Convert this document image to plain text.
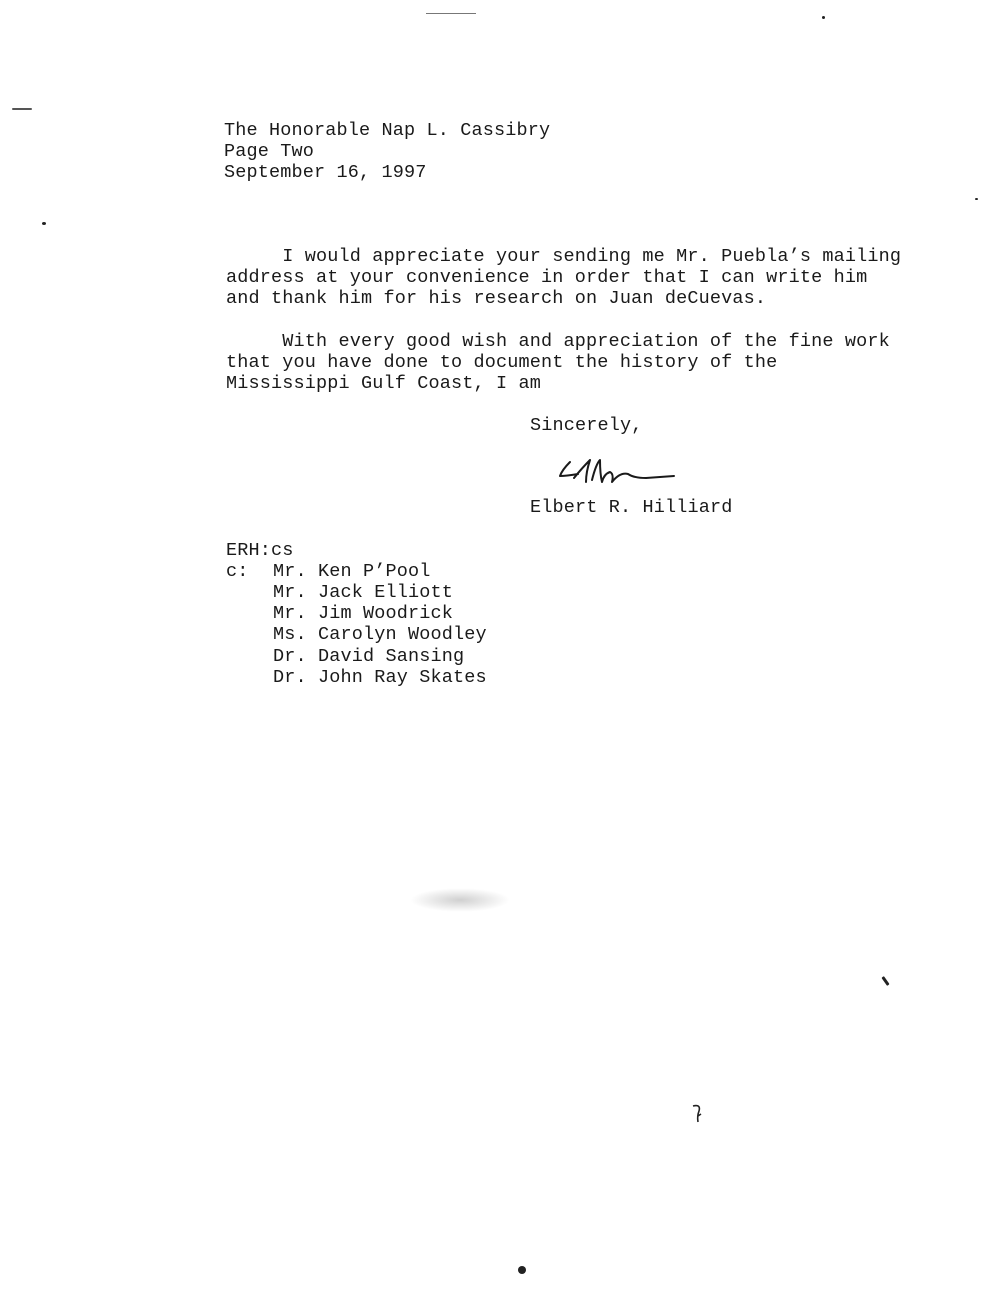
The Honorable Nap L. Cassibry
Page Two
September 16, 1997
I would appreciate your sending me Mr. Puebla’s mailing
address at your convenience in order that I can write him
and thank him for his research on Juan deCuevas.
With every good wish and appreciation of the fine work
that you have done to document the history of the
Mississippi Gulf Coast, I am
Sincerely,
Elbert R. Hilliard
ERH:cs
c: Mr. Ken P’Pool
Mr. Jack Elliott
Mr. Jim Woodrick
Ms. Carolyn Woodley
Dr. David Sansing
Dr. John Ray Skates
